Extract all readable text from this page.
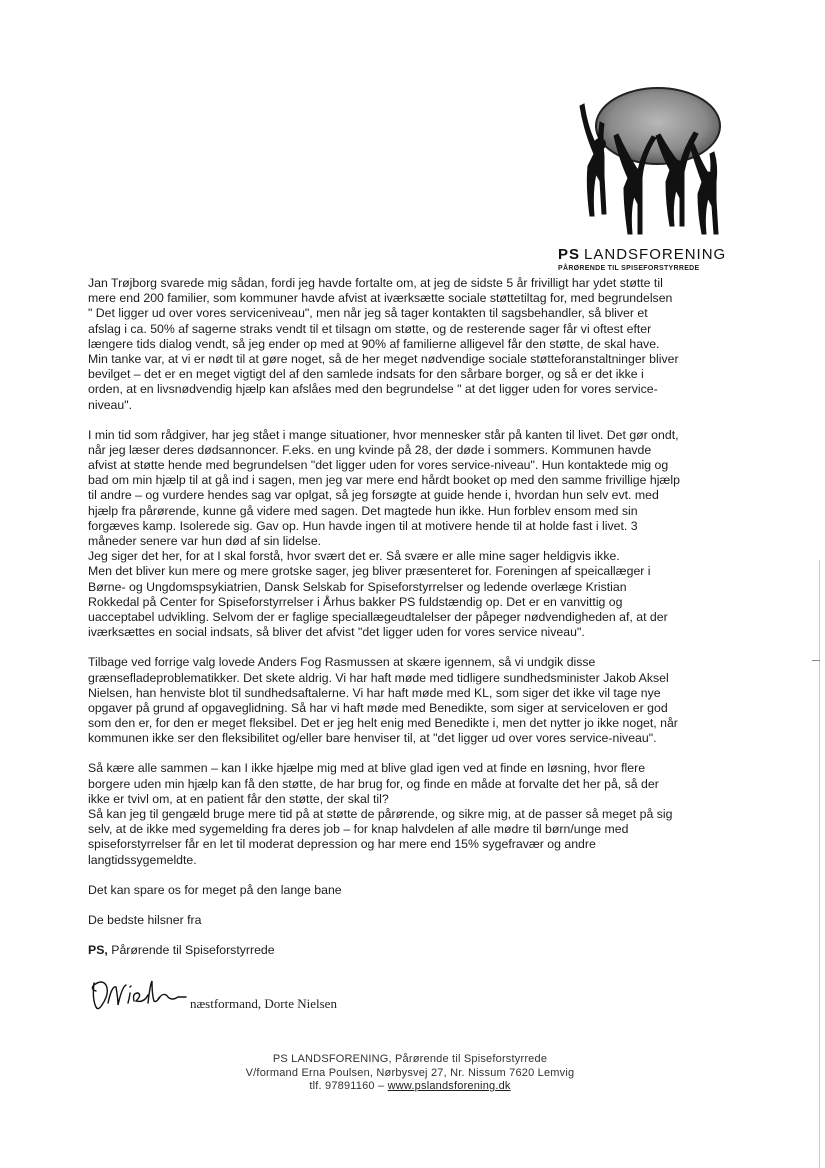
PS LANDSFORENING
PÅRØRENDE TIL SPISEFORSTYRREDE
Jan Trøjborg svarede mig sådan, fordi jeg havde fortalte om, at jeg de sidste 5 år frivilligt har ydet støtte til
mere end 200 familier, som kommuner havde afvist at iværksætte sociale støttetiltag for, med begrundelsen
" Det ligger ud over vores serviceniveau", men når jeg så tager kontakten til sagsbehandler, så bliver et
afslag i ca. 50% af sagerne straks vendt til et tilsagn om støtte, og de resterende sager får vi oftest efter
længere tids dialog vendt, så jeg ender op med at 90% af familierne alligevel får den støtte, de skal have.
Min tanke var, at vi er nødt til at gøre noget, så de her meget nødvendige sociale støtteforanstaltninger bliver
bevilget – det er en meget vigtigt del af den samlede indsats for den sårbare borger, og så er det ikke i
orden, at en livsnødvendig hjælp kan afslåes med den begrundelse " at det ligger uden for vores service-
niveau".
I min tid som rådgiver, har jeg stået i mange situationer, hvor mennesker står på kanten til livet. Det gør ondt,
når jeg læser deres dødsannoncer. F.eks. en ung kvinde på 28, der døde i sommers. Kommunen havde
afvist at støtte hende med begrundelsen "det ligger uden for vores service-niveau". Hun kontaktede mig og
bad om min hjælp til at gå ind i sagen, men jeg var mere end hårdt booket op med den samme frivillige hjælp
til andre – og vurdere hendes sag var oplgat, så jeg forsøgte at guide hende i, hvordan hun selv evt. med
hjælp fra pårørende, kunne gå videre med sagen. Det magtede hun ikke. Hun forblev ensom med sin
forgæves kamp. Isolerede sig. Gav op. Hun havde ingen til at motivere hende til at holde fast i livet. 3
måneder senere var hun død af sin lidelse.
Jeg siger det her, for at I skal forstå, hvor svært det er. Så svære er alle mine sager heldigvis ikke.
Men det bliver kun mere og mere grotske sager, jeg bliver præsenteret for. Foreningen af speicallæger i
Børne- og Ungdomspsykiatrien, Dansk Selskab for Spiseforstyrrelser og ledende overlæge Kristian
Rokkedal på Center for Spiseforstyrrelser i Århus bakker PS fuldstændig op. Det er en vanvittig og
uacceptabel udvikling. Selvom der er faglige speciallægeudtalelser der påpeger nødvendigheden af, at der
iværksættes en social indsats, så bliver det afvist "det ligger uden for vores service niveau".
Tilbage ved forrige valg lovede Anders Fog Rasmussen at skære igennem, så vi undgik disse
grænsefladeproblematikker. Det skete aldrig. Vi har haft møde med tidligere sundhedsminister Jakob Aksel
Nielsen, han henviste blot til sundhedsaftalerne. Vi har haft møde med KL, som siger det ikke vil tage nye
opgaver på grund af opgaveglidning. Så har vi haft møde med Benedikte, som siger at serviceloven er god
som den er, for den er meget fleksibel. Det er jeg helt enig med Benedikte i, men det nytter jo ikke noget, når
kommunen ikke ser den fleksibilitet og/eller bare henviser til, at "det ligger ud over vores service-niveau".
Så kære alle sammen – kan I ikke hjælpe mig med at blive glad igen ved at finde en løsning, hvor flere
borgere uden min hjælp kan få den støtte, de har brug for, og finde en måde at forvalte det her på, så der
ikke er tvivl om, at en patient får den støtte, der skal til?
Så kan jeg til gengæld bruge mere tid på at støtte de pårørende, og sikre mig, at de passer så meget på sig
selv, at de ikke med sygemelding fra deres job – for knap halvdelen af alle mødre til børn/unge med
spiseforstyrrelser får en let til moderat depression og har mere end 15% sygefravær og andre
langtidssygemeldte.
Det kan spare os for meget på den lange bane
De bedste hilsner fra
PS, Pårørende til Spiseforstyrrede
næstformand, Dorte Nielsen
PS LANDSFORENING, Pårørende til Spiseforstyrrede
V/formand Erna Poulsen, Nørbysvej 27, Nr. Nissum 7620 Lemvig
tlf. 97891160 – www.pslandsforening.dk
